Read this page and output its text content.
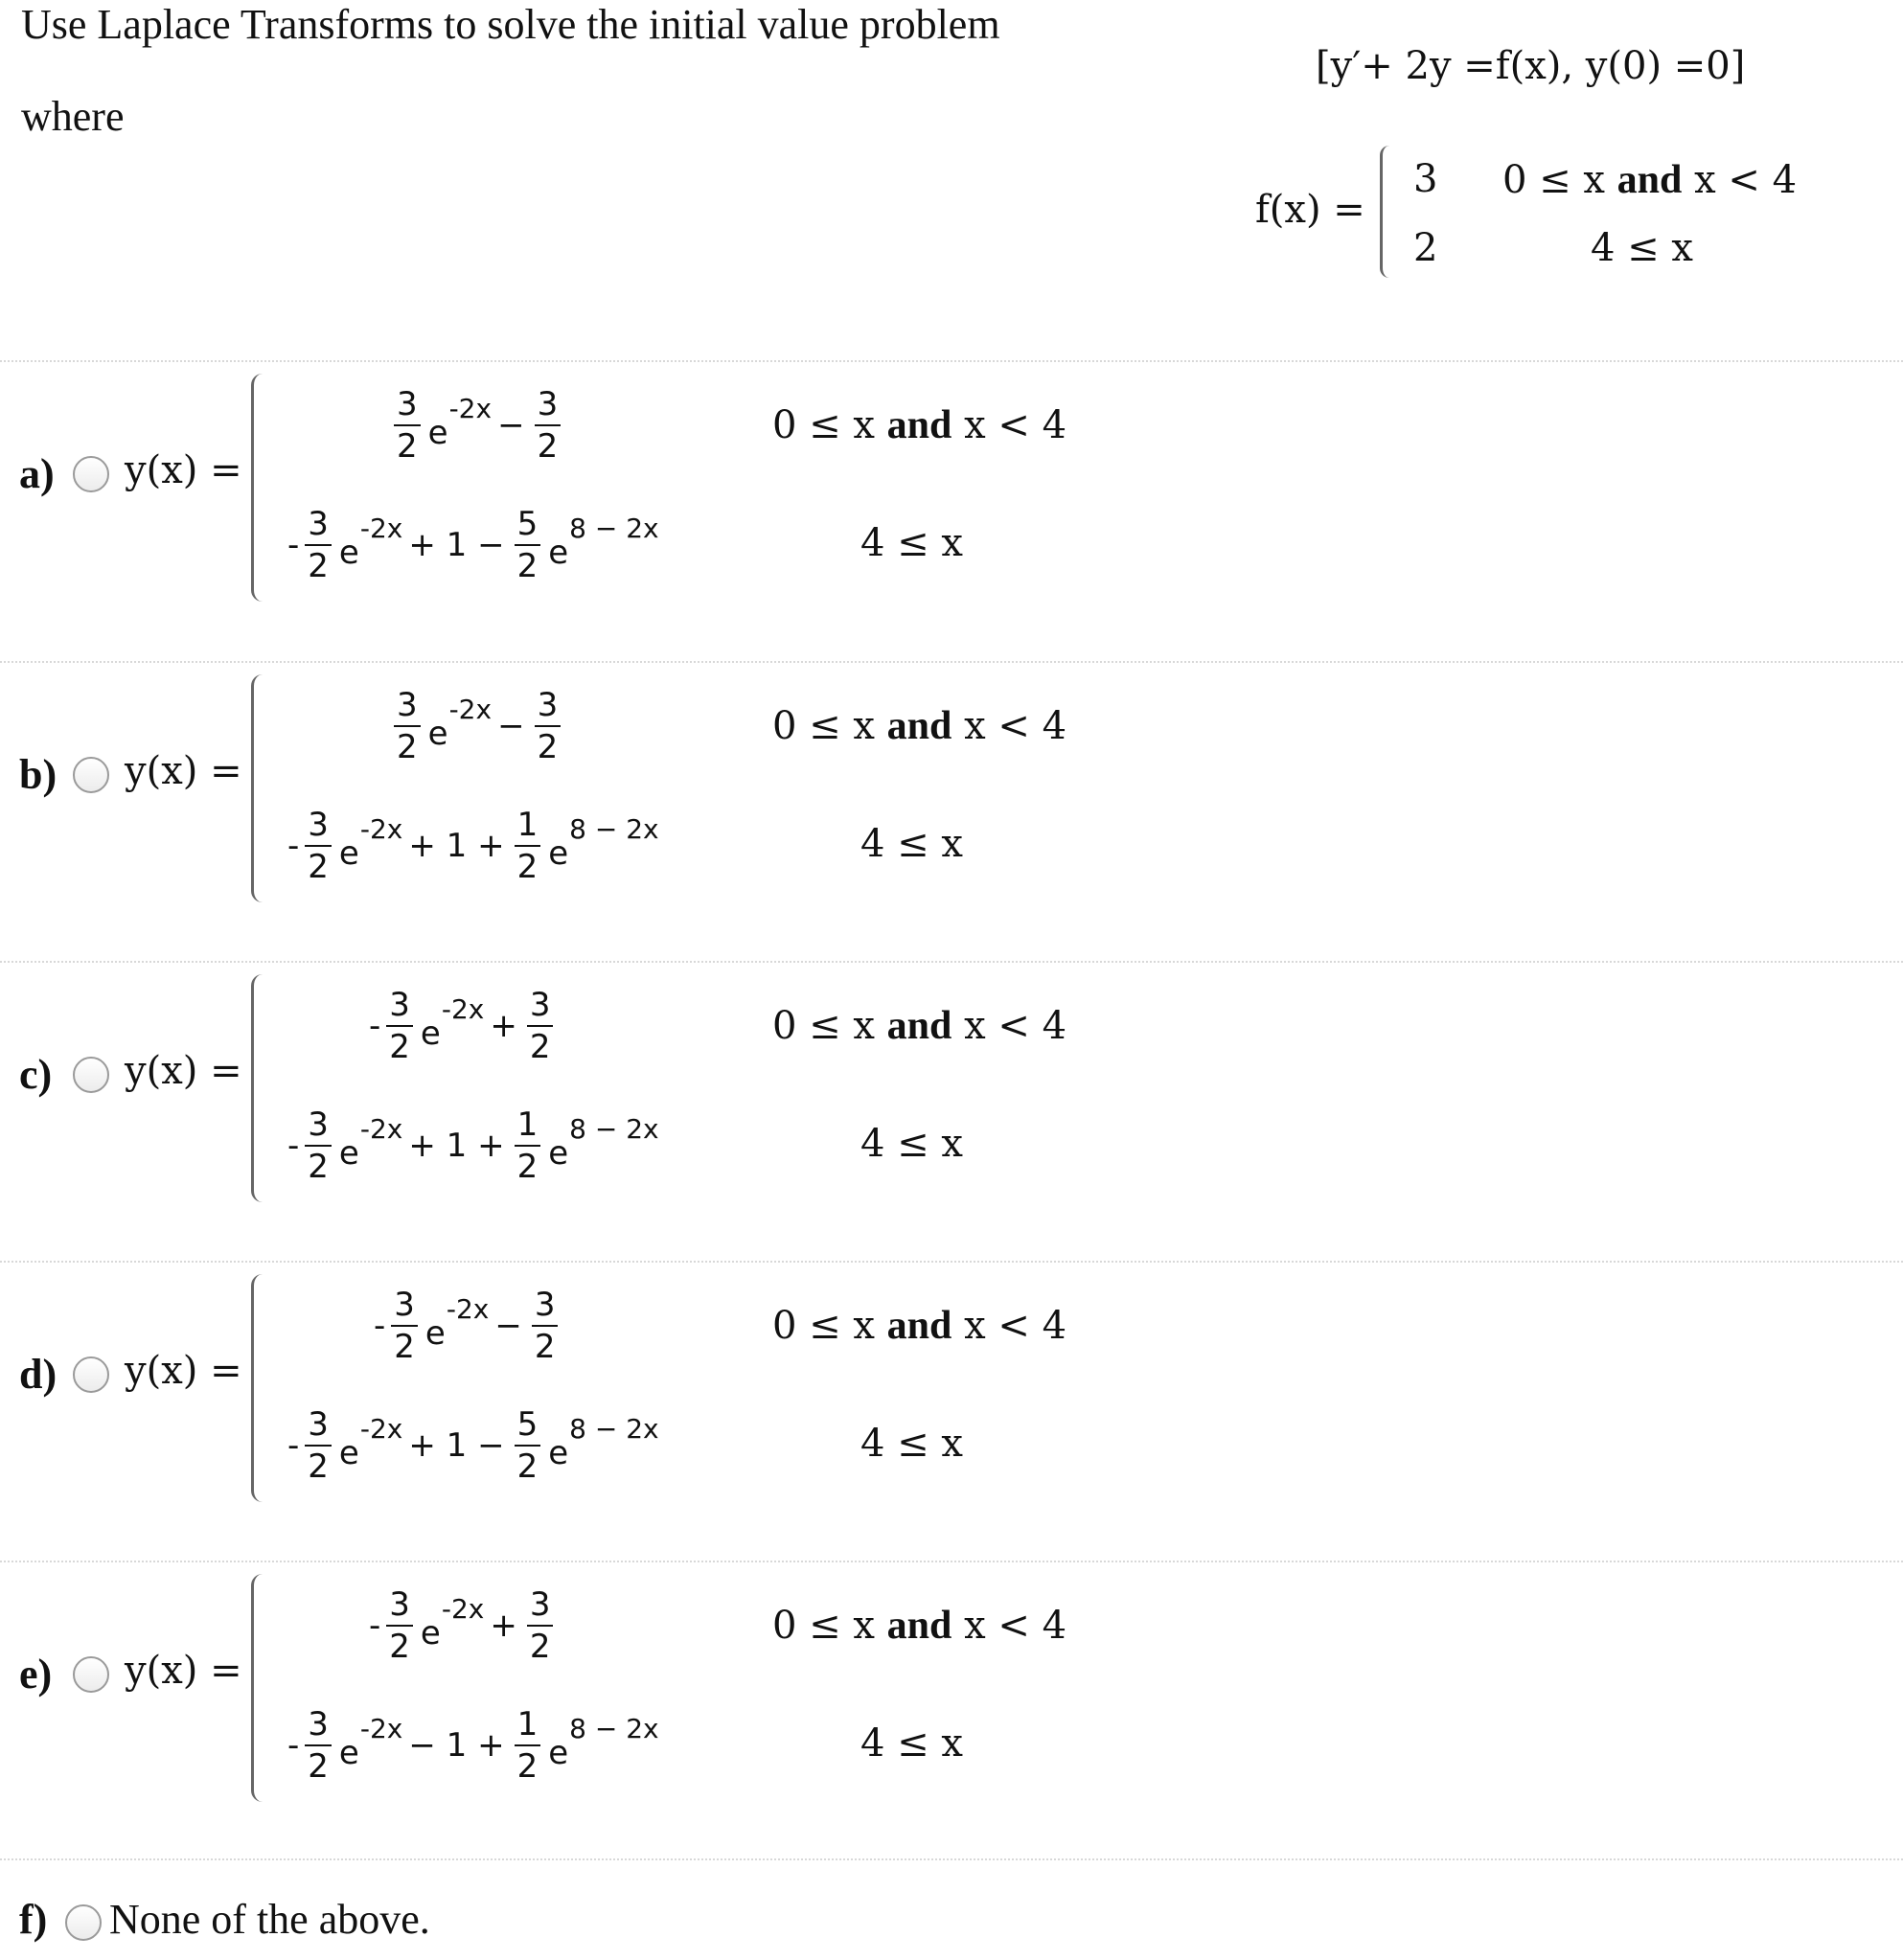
Use Laplace Transforms to solve the initial value problem
[y′+ 2y =f(x), y(0) =0]
where
f(x) =
3 0 ≤ x and x < 4
2	4 ≤ x
a) y(x) =
$\frac{3}{2}$ e
$-2x - \frac{3}{2}$
- $\frac{3}{2}$ e
$-2x + 1 - \frac{5}{2}$ e
8 − 2x
0 ≤ x and x < 4
4 ≤ x
b) y(x) =
$\frac{3}{2}$ e
$-2x - \frac{3}{2}$
- $\frac{3}{2}$ e
$-2x + 1 + \frac{1}{2}$ e
8 − 2x
0 ≤ x and x < 4
4 ≤ x
c) y(x) =
- $\frac{3}{2}$ e
$-2x + \frac{3}{2}$
- $\frac{3}{2}$ e
$-2x + 1 + \frac{1}{2}$ e
8 − 2x
0 ≤ x and x < 4
4 ≤ x
d) y(x) =
- $\frac{3}{2}$ e
$-2x - \frac{3}{2}$
- $\frac{3}{2}$ e
$-2x + 1 - \frac{5}{2}$ e
8 − 2x
0 ≤ x and x < 4
4 ≤ x
e) y(x) =
- $\frac{3}{2}$ e
$-2x + \frac{3}{2}$
- $\frac{3}{2}$ e
$-2x - 1 + \frac{1}{2}$ e
8 − 2x
0 ≤ x and x < 4
4 ≤ x
f) None of the above.
